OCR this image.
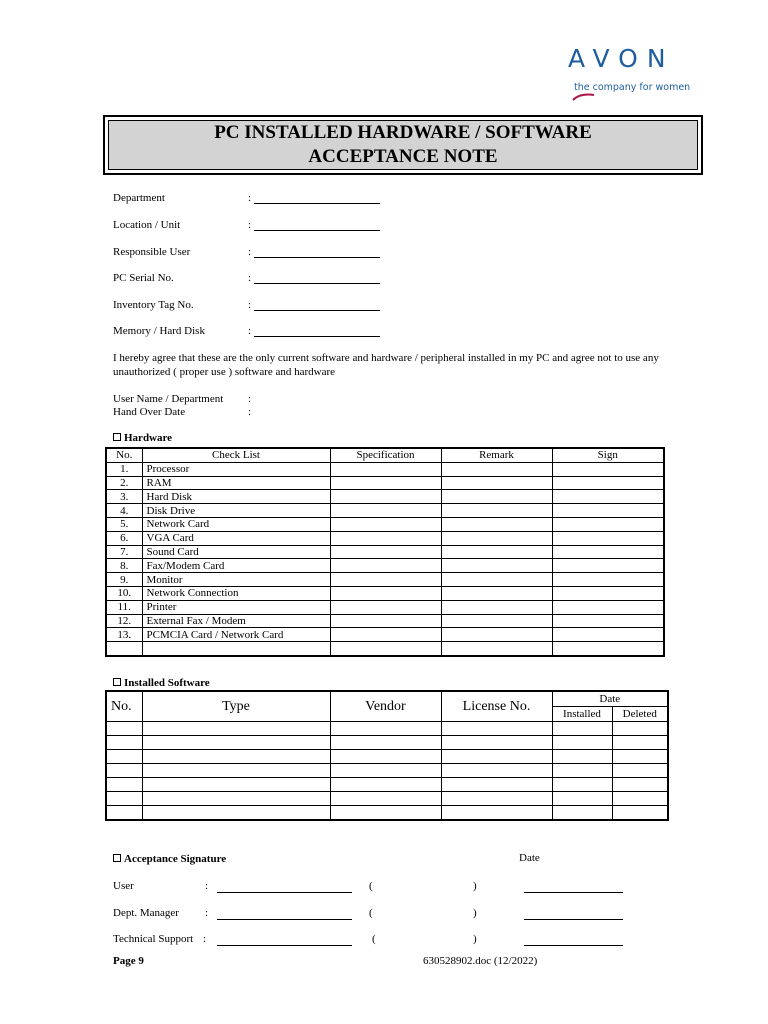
AVON
the company for women
PC INSTALLED HARDWARE / SOFTWARE
ACCEPTANCE NOTE
Department	:
Location / Unit	:
Responsible User	:
PC Serial No.	:
Inventory Tag No.	:
Memory / Hard Disk	:
I hereby agree that these are the only current software and hardware / peripheral installed in my PC and agree not to use any unauthorized ( proper use ) software and hardware
User Name / Department :
Hand Over Date	:
Hardware
No.	Check List	Specification	Remark	Sign
1.	Processor			
2.	RAM			
3.	Hard Disk			
4.	Disk Drive			
5.	Network Card			
6.	VGA Card			
7.	Sound Card			
8.	Fax/Modem Card			
9.	Monitor			
10.	Network Connection			
11.	Printer			
12.	External Fax / Modem			
13.	PCMCIA Card / Network Card			

Installed Software
No.	Type	Vendor	License No.	Date	
				Installed	Deleted

Acceptance Signature	Date
User	:	(	)
Dept. Manager :	(	)
Technical Support :	(	)
Page 9	630528902.doc (12/2022)
